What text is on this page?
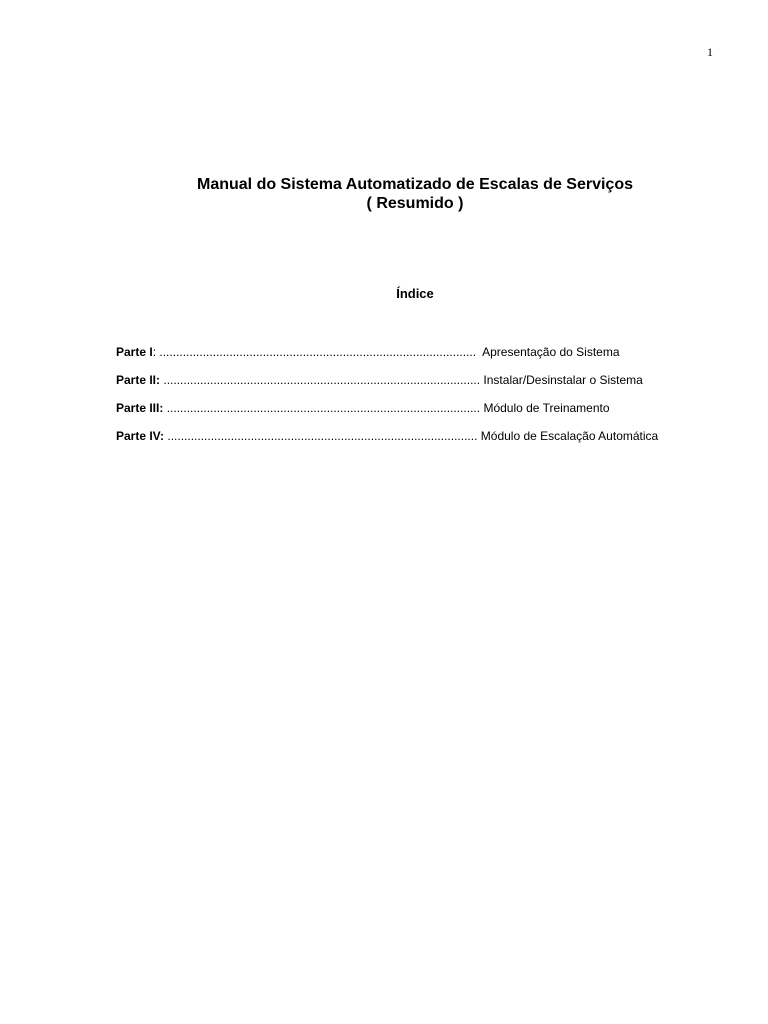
1
Manual do Sistema Automatizado de Escalas de Serviços
( Resumido )
Índice
Parte I: ...............................................................................................  Apresentação do Sistema
Parte II: ............................................................................................... Instalar/Desinstalar o Sistema
Parte III: .............................................................................................. Módulo de Treinamento
Parte IV: ............................................................................................. Módulo de Escalação Automática
